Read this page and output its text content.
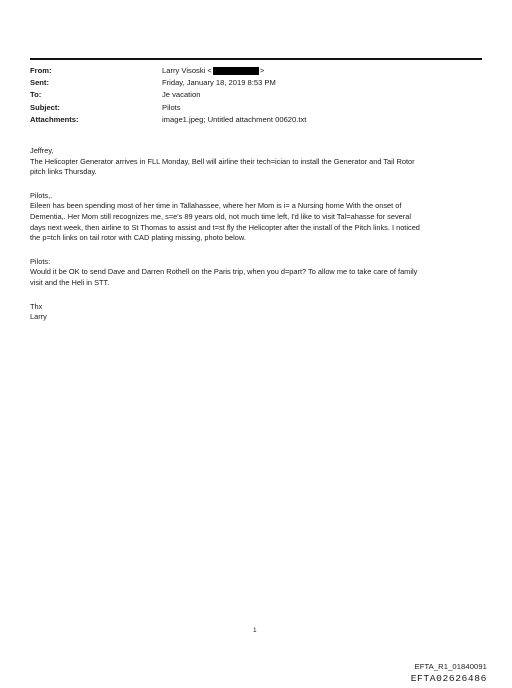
From:	Larry Visoski <	>
Sent:	Friday, January 18, 2019 8:53 PM
To:	Je vacation
Subject:	Pilots
Attachments:	image1.jpeg; Untitled attachment 00620.txt

Jeffrey,
The Helicopter Generator arrives in FLL Monday, Bell will airline their tech=ician to install the Generator and Tail Rotor
pitch links Thursday.

Pilots,.
Eileen has been spending most of her time in Tallahassee, where her Mom is i= a Nursing home With the onset of
Dementia,. Her Mom still recognizes me, s=e's 89 years old, not much time left, I'd like to visit Tal=ahasse for several
days next week, then airline to St Thomas to assist and t=st fly the Helicopter after the install of the Pitch links. I noticed
the p=tch links on tail rotor with CAD plating missing, photo below.

Pilots:
Would it be OK to send Dave and Darren Rothell on the Paris trip, when you d=part? To allow me to take care of family
visit and the Heli in STT.

Thx
Larry

1
EFTA_R1_01840091
EFTA02626486
